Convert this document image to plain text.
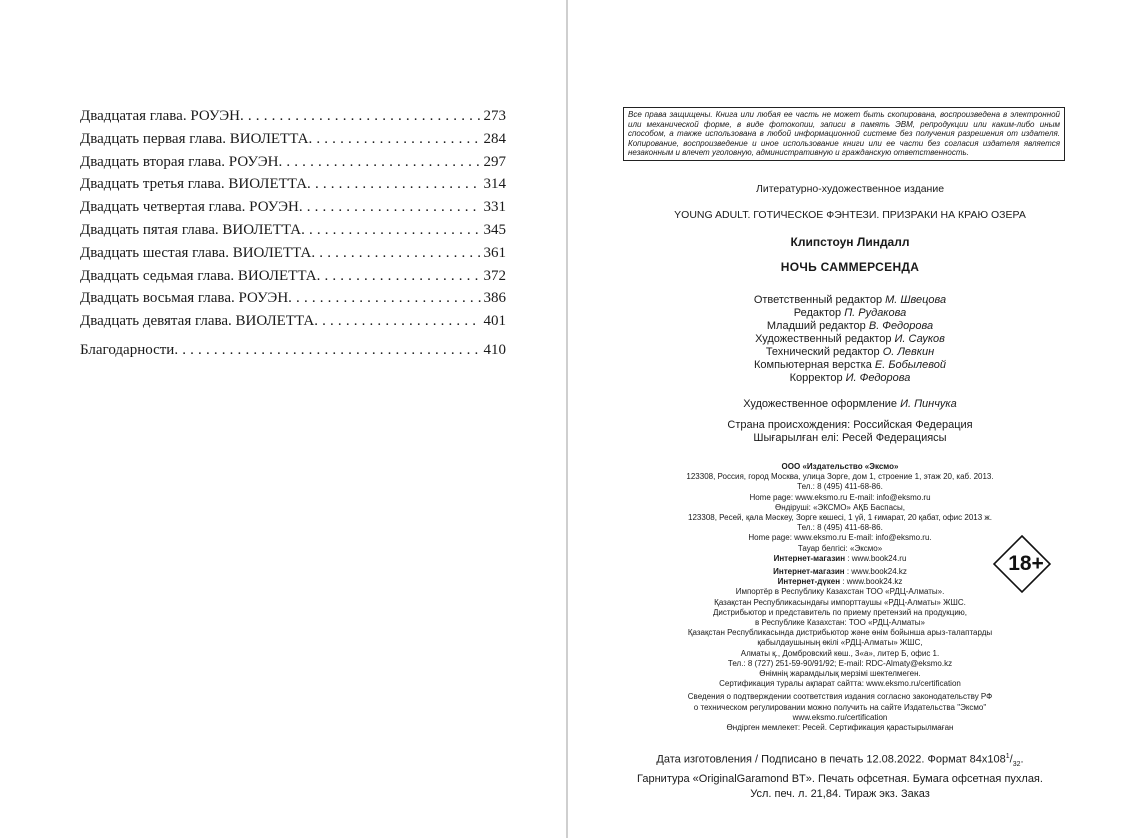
Двадцатая глава. РОУЭН . . .	273
Двадцать первая глава. ВИОЛЕТТА . . .	284
Двадцать вторая глава. РОУЭН . . .	297
Двадцать третья глава. ВИОЛЕТТА . . .	314
Двадцать четвертая глава. РОУЭН . . .	331
Двадцать пятая глава. ВИОЛЕТТА . . .	345
Двадцать шестая глава. ВИОЛЕТТА . . .	361
Двадцать седьмая глава. ВИОЛЕТТА . . .	372
Двадцать восьмая глава. РОУЭН . . .	386
Двадцать девятая глава. ВИОЛЕТТА . . .	401
Благодарности . . .	410
Все права защищены. Книга или любая ее часть не может быть скопирована, воспроизведена в электронной или механической форме, в виде фотокопии, записи в память ЭВМ, репродукции или каким-либо иным способом, а также использована в любой информационной системе без получения разрешения от издателя. Копирование, воспроизведение и иное использование книги или ее части без согласия издателя является незаконным и влечет уголовную, административную и гражданскую ответственность.
Литературно-художественное издание
YOUNG ADULT. ГОТИЧЕСКОЕ ФЭНТЕЗИ. ПРИЗРАКИ НА КРАЮ ОЗЕРА
Клипстоун Линдалл
НОЧЬ САММЕРСЕНДА
Ответственный редактор М. Швецова
Редактор П. Рудакова
Младший редактор В. Федорова
Художественный редактор И. Сауков
Технический редактор О. Левкин
Компьютерная верстка Е. Бобылевой
Корректор И. Федорова
Художественное оформление И. Пинчука
Страна происхождения: Российская Федерация
Шығарылған елі: Ресей Федерациясы
ООО «Издательство «Эксмо»
123308, Россия, город Москва, улица Зорге, дом 1, строение 1, этаж 20, каб. 2013.
Тел.: 8 (495) 411-68-86.
Home page: www.eksmo.ru E-mail: info@eksmo.ru
Өндіруші: «ЭКСМО» АҚБ Баспасы,
123308, Ресей, қала Мәскеу, Зорге көшесі, 1 үй, 1 ғимарат, 20 қабат, офис 2013 ж.
Тел.: 8 (495) 411-68-86.
Home page: www.eksmo.ru E-mail: info@eksmo.ru.
Тауар белгісі: «Эксмо»
Интернет-магазин : www.book24.ru
Интернет-магазин : www.book24.kz
Интернет-дүкен : www.book24.kz
Импортёр в Республику Казахстан ТОО «РДЦ-Алматы».
Қазақстан Республикасындағы импорттаушы «РДЦ-Алматы» ЖШС.
Дистрибьютор и представитель по приему претензий на продукцию,
в Республике Казахстан: ТОО «РДЦ-Алматы»
Қазақстан Республикасында дистрибьютор және өнім бойынша арыз-талаптарды
қабылдаушының өкілі «РДЦ-Алматы» ЖШС,
Алматы қ., Домбровский көш., 3«а», литер Б, офис 1.
Тел.: 8 (727) 251-59-90/91/92; E-mail: RDC-Almaty@eksmo.kz
Өнімнің жарамдылық мерзімі шектелмеген.
Сертификация туралы ақпарат сайтта: www.eksmo.ru/certification
Сведения о подтверждении соответствия издания согласно законодательству РФ
о техническом регулировании можно получить на сайте Издательства "Эксмо"
www.eksmo.ru/certification
Өндірген мемлекет: Ресей. Сертификация қарастырылмаған
18+
Дата изготовления / Подписано в печать 12.08.2022. Формат $84х108^1/_{32}$.
Гарнитура «OriginalGaramond BT». Печать офсетная. Бумага офсетная пухлая.
Усл. печ. л. 21,84. Тираж экз. Заказ
